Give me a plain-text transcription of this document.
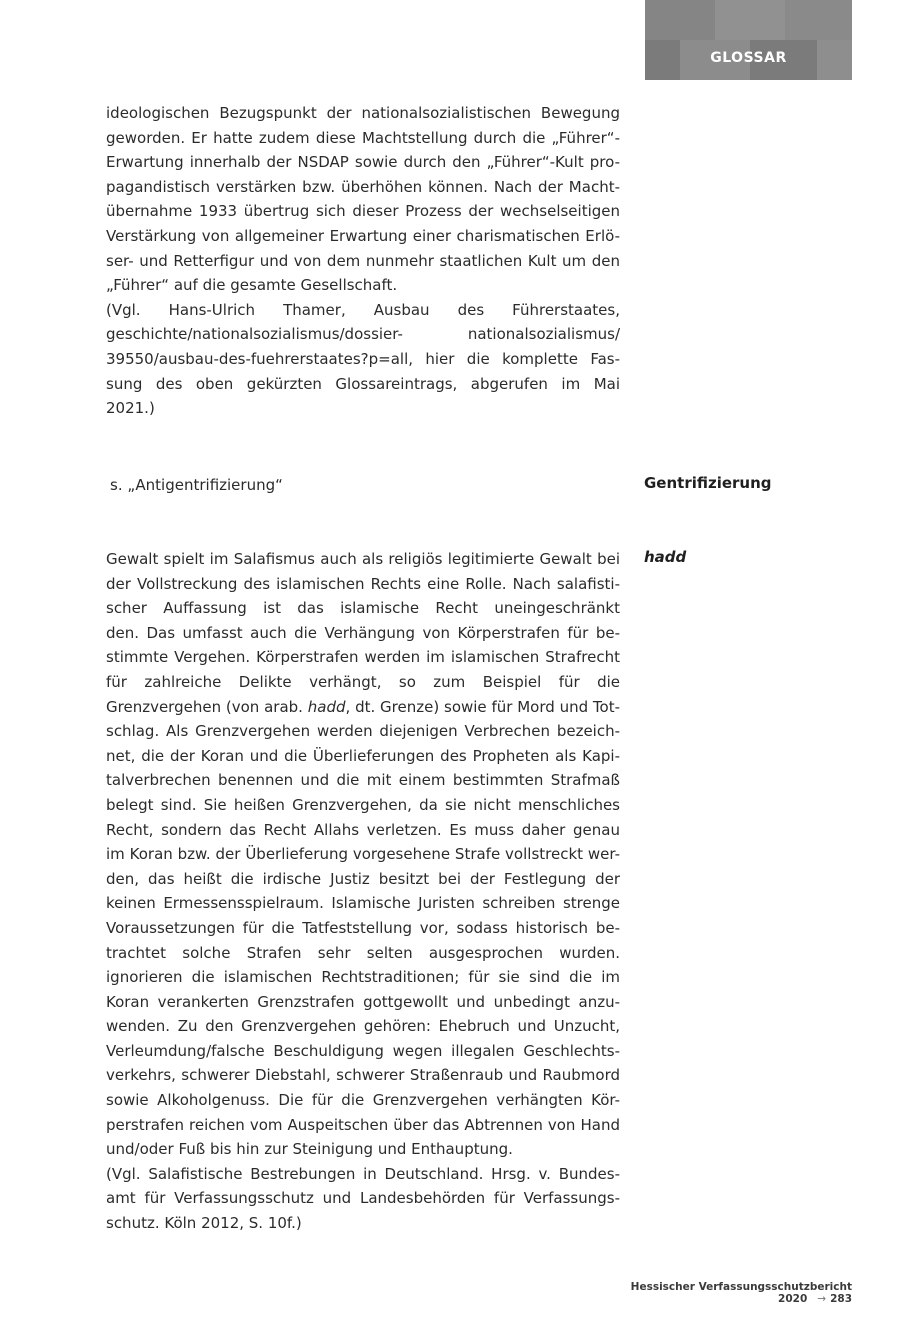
GLOSSAR
ideologischen Bezugspunkt der nationalsozialistischen Bewegung
geworden. Er hatte zudem diese Machtstellung durch die „Führer“-
Erwartung innerhalb der NSDAP sowie durch den „Führer“-Kult pro-
pagandistisch verstärken bzw. überhöhen können. Nach der Macht-
übernahme 1933 übertrug sich dieser Prozess der wechselseitigen
Verstärkung von allgemeiner Erwartung einer charismatischen Erlö-
ser- und Retterfigur und von dem nunmehr staatlichen Kult um den
„Führer“ auf die gesamte Gesellschaft.
(Vgl. Hans-Ulrich Thamer, Ausbau des Führerstaates,
geschichte/nationalsozialismus/dossier- nationalsozialismus/
39550/ausbau-des-fuehrerstaates?p=all, hier die komplette Fas-
sung des oben gekürzten Glossareintrags, abgerufen im Mai
2021.)
Gentrifizierung
s. „Antigentrifizierung“
hadd
Gewalt spielt im Salafismus auch als religiös legitimierte Gewalt bei
der Vollstreckung des islamischen Rechts eine Rolle. Nach salafisti-
scher Auffassung ist das islamische Recht uneingeschränkt
den. Das umfasst auch die Verhängung von Körperstrafen für be-
stimmte Vergehen. Körperstrafen werden im islamischen Strafrecht
für zahlreiche Delikte verhängt, so zum Beispiel für die
Grenzvergehen (von arab. hadd, dt. Grenze) sowie für Mord und Tot-
schlag. Als Grenzvergehen werden diejenigen Verbrechen bezeich-
net, die der Koran und die Überlieferungen des Propheten als Kapi-
talverbrechen benennen und die mit einem bestimmten Strafmaß
belegt sind. Sie heißen Grenzvergehen, da sie nicht menschliches
Recht, sondern das Recht Allahs verletzen. Es muss daher genau
im Koran bzw. der Überlieferung vorgesehene Strafe vollstreckt wer-
den, das heißt die irdische Justiz besitzt bei der Festlegung der
keinen Ermessensspielraum. Islamische Juristen schreiben strenge
Voraussetzungen für die Tatfeststellung vor, sodass historisch be-
trachtet solche Strafen sehr selten ausgesprochen wurden.
ignorieren die islamischen Rechtstraditionen; für sie sind die im
Koran verankerten Grenzstrafen gottgewollt und unbedingt anzu-
wenden. Zu den Grenzvergehen gehören: Ehebruch und Unzucht,
Verleumdung/falsche Beschuldigung wegen illegalen Geschlechts-
verkehrs, schwerer Diebstahl, schwerer Straßenraub und Raubmord
sowie Alkoholgenuss. Die für die Grenzvergehen verhängten Kör-
perstrafen reichen vom Auspeitschen über das Abtrennen von Hand
und/oder Fuß bis hin zur Steinigung und Enthauptung.
(Vgl. Salafistische Bestrebungen in Deutschland. Hrsg. v. Bundes-
amt für Verfassungsschutz und Landesbehörden für Verfassungs-
schutz. Köln 2012, S. 10f.)
Hessischer Verfassungsschutzbericht 2020 → 283
